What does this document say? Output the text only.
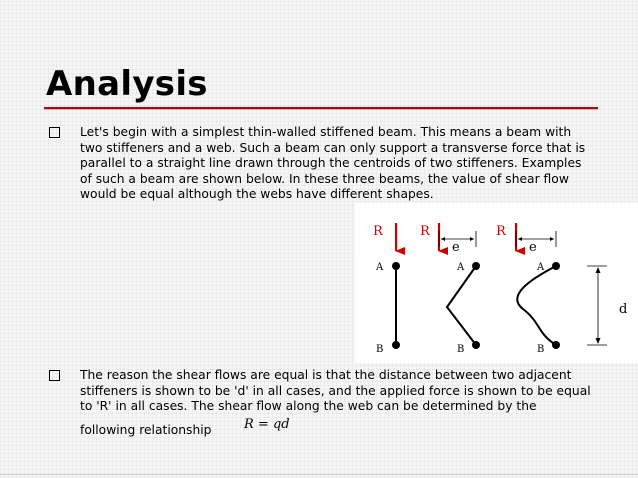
Analysis

Let's begin with a simplest thin-walled stiffened beam. This means a beam with two stiffeners and a web. Such a beam can only support a transverse force that is parallel to a straight line drawn through the centroids of two stiffeners. Examples of such a beam are shown below. In these three beams, the value of shear flow would be equal although the webs have different shapes.

R
A
B
R
e
A
B
R
e
A
B
d

The reason the shear flows are equal is that the distance between two adjacent stiffeners is shown to be 'd' in all cases, and the applied force is shown to be equal to 'R' in all cases. The shear flow along the web can be determined by the
following relationship	R = qd
